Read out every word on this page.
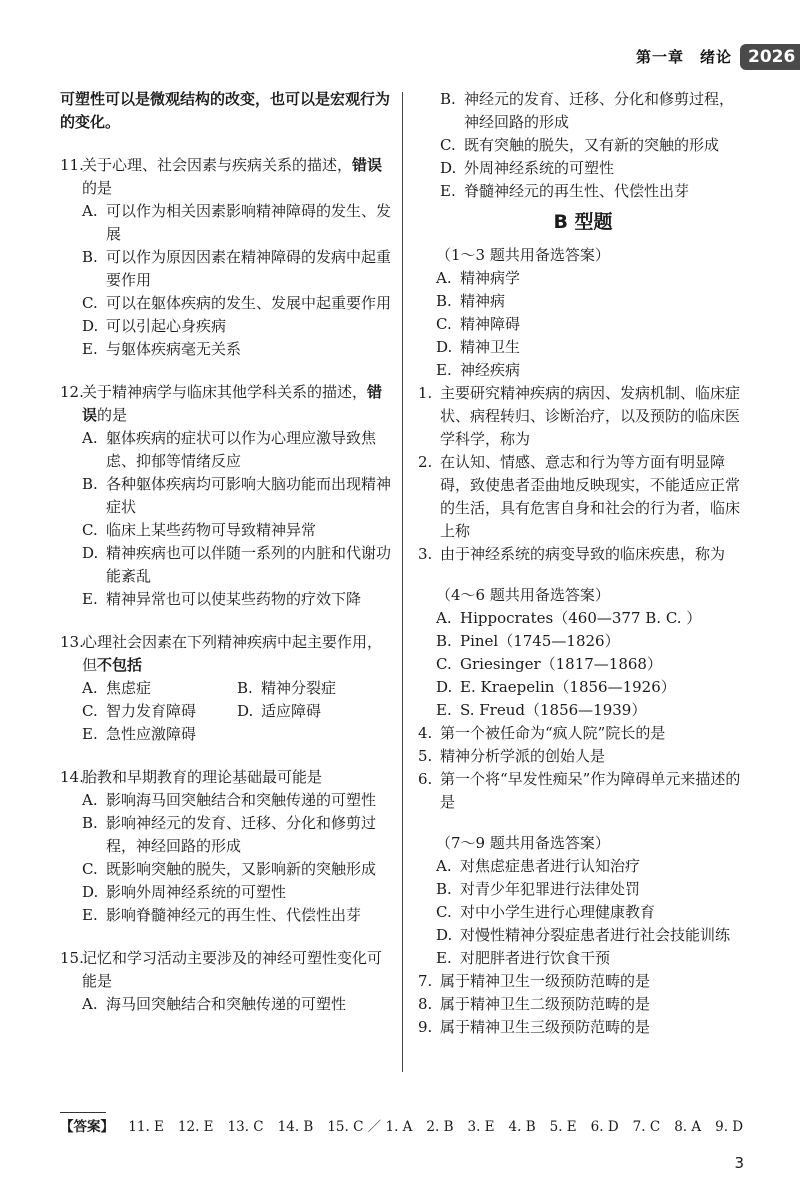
第一章　绪论 2026

可塑性可以是微观结构的改变，也可以是宏观行为的变化。

11.
关于心理、社会因素与疾病关系的描述，错误的是
A. 可以作为相关因素影响精神障碍的发生、发展
B. 可以作为原因因素在精神障碍的发病中起重要作用
C. 可以在躯体疾病的发生、发展中起重要作用
D. 可以引起心身疾病
E. 与躯体疾病毫无关系
12.
关于精神病学与临床其他学科关系的描述，错误的是
A. 躯体疾病的症状可以作为心理应激导致焦虑、抑郁等情绪反应
B. 各种躯体疾病均可影响大脑功能而出现精神症状
C. 临床上某些药物可导致精神异常
D. 精神疾病也可以伴随一系列的内脏和代谢功能紊乱
E. 精神异常也可以使某些药物的疗效下降
13.
心理社会因素在下列精神疾病中起主要作用，但不包括
A. 焦虑症	B. 精神分裂症
C. 智力发育障碍	D. 适应障碍
E. 急性应激障碍
14.
胎教和早期教育的理论基础最可能是
A. 影响海马回突触结合和突触传递的可塑性
B. 影响神经元的发育、迁移、分化和修剪过程，神经回路的形成
C. 既影响突触的脱失，又影响新的突触形成
D. 影响外周神经系统的可塑性
E. 影响脊髓神经元的再生性、代偿性出芽
15.
记忆和学习活动主要涉及的神经可塑性变化可能是
A. 海马回突触结合和突触传递的可塑性
B. 神经元的发育、迁移、分化和修剪过程，神经回路的形成
C. 既有突触的脱失，又有新的突触的形成
D. 外周神经系统的可塑性
E. 脊髓神经元的再生性、代偿性出芽
B 型题
（1～3 题共用备选答案）
A. 精神病学
B. 精神病
C. 精神障碍
D. 精神卫生
E. 神经疾病
1. 主要研究精神疾病的病因、发病机制、临床症状、病程转归、诊断治疗，以及预防的临床医学科学，称为
2. 在认知、情感、意志和行为等方面有明显障碍，致使患者歪曲地反映现实，不能适应正常的生活，具有危害自身和社会的行为者，临床上称
3. 由于神经系统的病变导致的临床疾患，称为
（4～6 题共用备选答案）
A. Hippocrates（460—377 B. C. ）
B. Pinel（1745—1826）
C. Griesinger（1817—1868）
D. E. Kraepelin（1856—1926）
E. S. Freud（1856—1939）
4. 第一个被任命为“疯人院”院长的是
5. 精神分析学派的创始人是
6. 第一个将“早发性痴呆”作为障碍单元来描述的是
（7～9 题共用备选答案）
A. 对焦虑症患者进行认知治疗
B. 对青少年犯罪进行法律处罚
C. 对中小学生进行心理健康教育
D. 对慢性精神分裂症患者进行社会技能训练
E. 对肥胖者进行饮食干预
7. 属于精神卫生一级预防范畴的是
8. 属于精神卫生二级预防范畴的是
9. 属于精神卫生三级预防范畴的是
【答案】 11. E 12. E 13. C 14. B 15. C ／ 1. A 2. B 3. E 4. B 5. E 6. D 7. C 8. A 9. D
3
